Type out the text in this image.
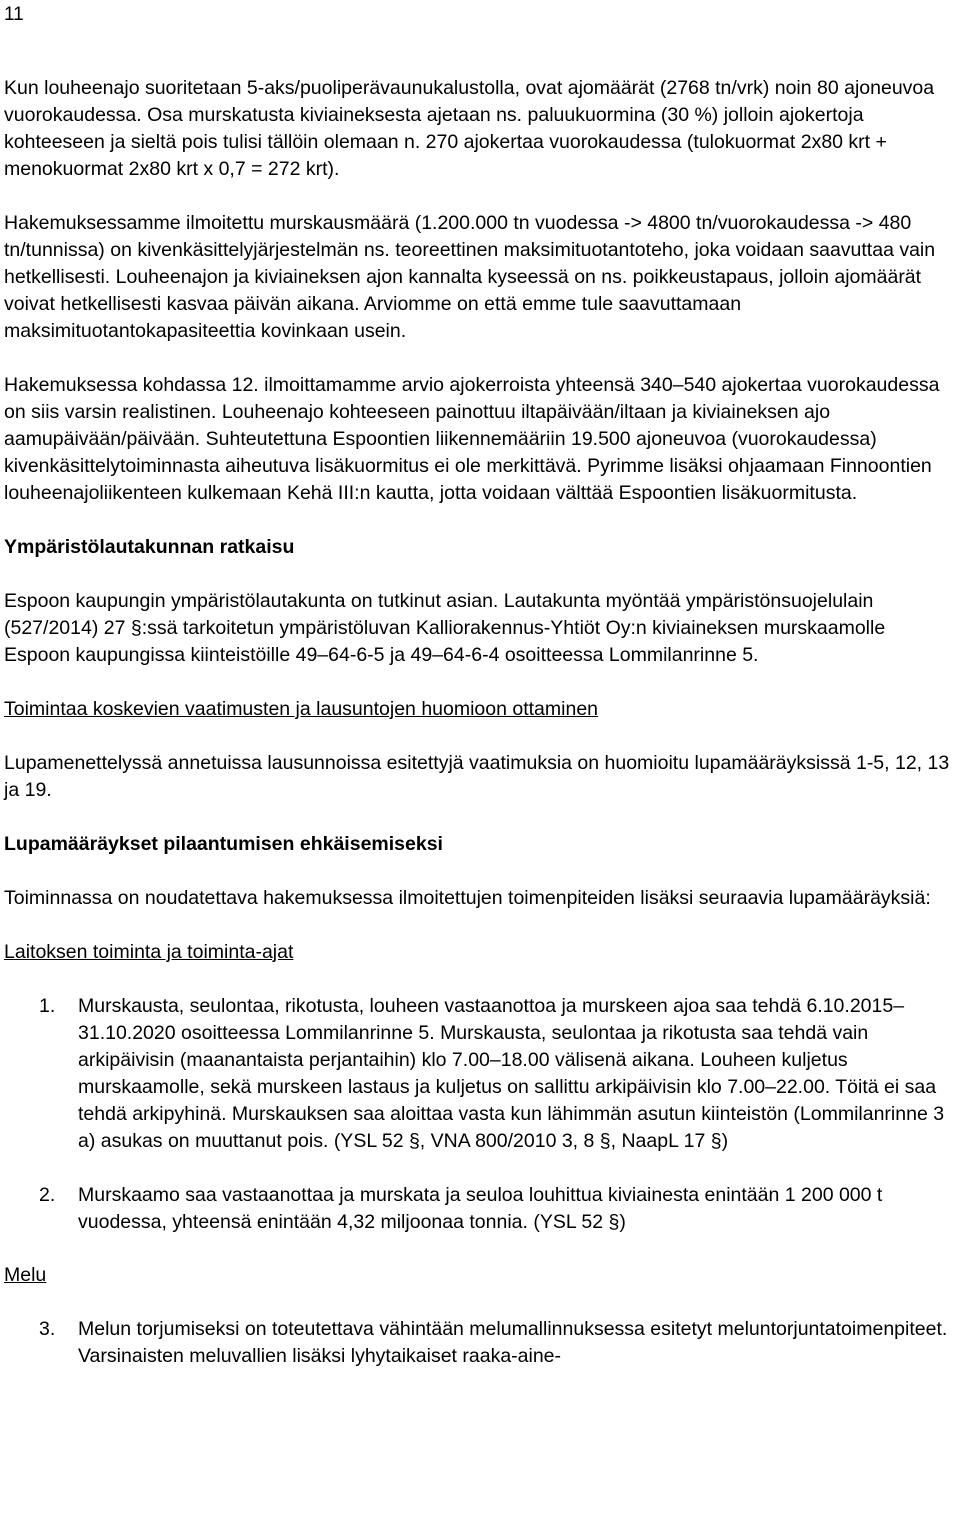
11

Kun louheenajo suoritetaan 5-aks/puoliperävaunukalustolla, ovat ajomäärät (2768 tn/vrk) noin 80 ajoneuvoa vuorokaudessa. Osa murskatusta kiviaineksesta ajetaan ns. paluukuormina (30 %) jolloin ajokertoja kohteeseen ja sieltä pois tulisi tällöin olemaan n. 270 ajokertaa vuorokaudessa (tulokuormat 2x80 krt + menokuormat 2x80 krt x 0,7 = 272 krt).

Hakemuksessamme ilmoitettu murskausmäärä (1.200.000 tn vuodessa -> 4800 tn/vuorokaudessa -> 480 tn/tunnissa) on kivenkäsittelyjärjestelmän ns. teoreettinen maksimituotantoteho, joka voidaan saavuttaa vain hetkellisesti. Louheenajon ja kiviaineksen ajon kannalta kyseessä on ns. poikkeustapaus, jolloin ajomäärät voivat hetkellisesti kasvaa päivän aikana. Arviomme on että emme tule saavuttamaan maksimituotantokapasiteettia kovinkaan usein.

Hakemuksessa kohdassa 12. ilmoittamamme arvio ajokerroista yhteensä 340–540 ajokertaa vuorokaudessa on siis varsin realistinen. Louheenajo kohteeseen painottuu iltapäivään/iltaan ja kiviaineksen ajo aamupäivään/päivään. Suhteutettuna Espoontien liikennemääriin 19.500 ajoneuvoa (vuorokaudessa) kivenkäsittelytoiminnasta aiheutuva lisäkuormitus ei ole merkittävä. Pyrimme lisäksi ohjaamaan Finnoontien louheenajoliikenteen kulkemaan Kehä III:n kautta, jotta voidaan välttää Espoontien lisäkuormitusta.

Ympäristölautakunnan ratkaisu

Espoon kaupungin ympäristölautakunta on tutkinut asian. Lautakunta myöntää ympäristönsuojelulain (527/2014) 27 §:ssä tarkoitetun ympäristöluvan Kalliorakennus-Yhtiöt Oy:n kiviaineksen murskaamolle Espoon kaupungissa kiinteistöille 49–64-6-5 ja 49–64-6-4 osoitteessa Lommilanrinne 5.

Toimintaa koskevien vaatimusten ja lausuntojen huomioon ottaminen

Lupamenettelyssä annetuissa lausunnoissa esitettyjä vaatimuksia on huomioitu lupamääräyksissä 1-5, 12, 13 ja 19.

Lupamääräykset pilaantumisen ehkäisemiseksi

Toiminnassa on noudatettava hakemuksessa ilmoitettujen toimenpiteiden lisäksi seuraavia lupamääräyksiä:

Laitoksen toiminta ja toiminta-ajat

1. Murskausta, seulontaa, rikotusta, louheen vastaanottoa ja murskeen ajoa saa tehdä 6.10.2015–31.10.2020 osoitteessa Lommilanrinne 5. Murskausta, seulontaa ja rikotusta saa tehdä vain arkipäivisin (maanantaista perjantaihin) klo 7.00–18.00 välisenä aikana. Louheen kuljetus murskaamolle, sekä murskeen lastaus ja kuljetus on sallittu arkipäivisin klo 7.00–22.00. Töitä ei saa tehdä arkipyhinä. Murskauksen saa aloittaa vasta kun lähimmän asutun kiinteistön (Lommilanrinne 3 a) asukas on muuttanut pois. (YSL 52 §, VNA 800/2010 3, 8 §, NaapL 17 §)
2. Murskaamo saa vastaanottaa ja murskata ja seuloa louhittua kiviainesta enintään 1 200 000 t vuodessa, yhteensä enintään 4,32 miljoonaa tonnia. (YSL 52 §)

Melu

3. Melun torjumiseksi on toteutettava vähintään melumallinnuksessa esitetyt meluntorjuntatoimenpiteet. Varsinaisten meluvallien lisäksi lyhytaikaiset raaka-aine-
